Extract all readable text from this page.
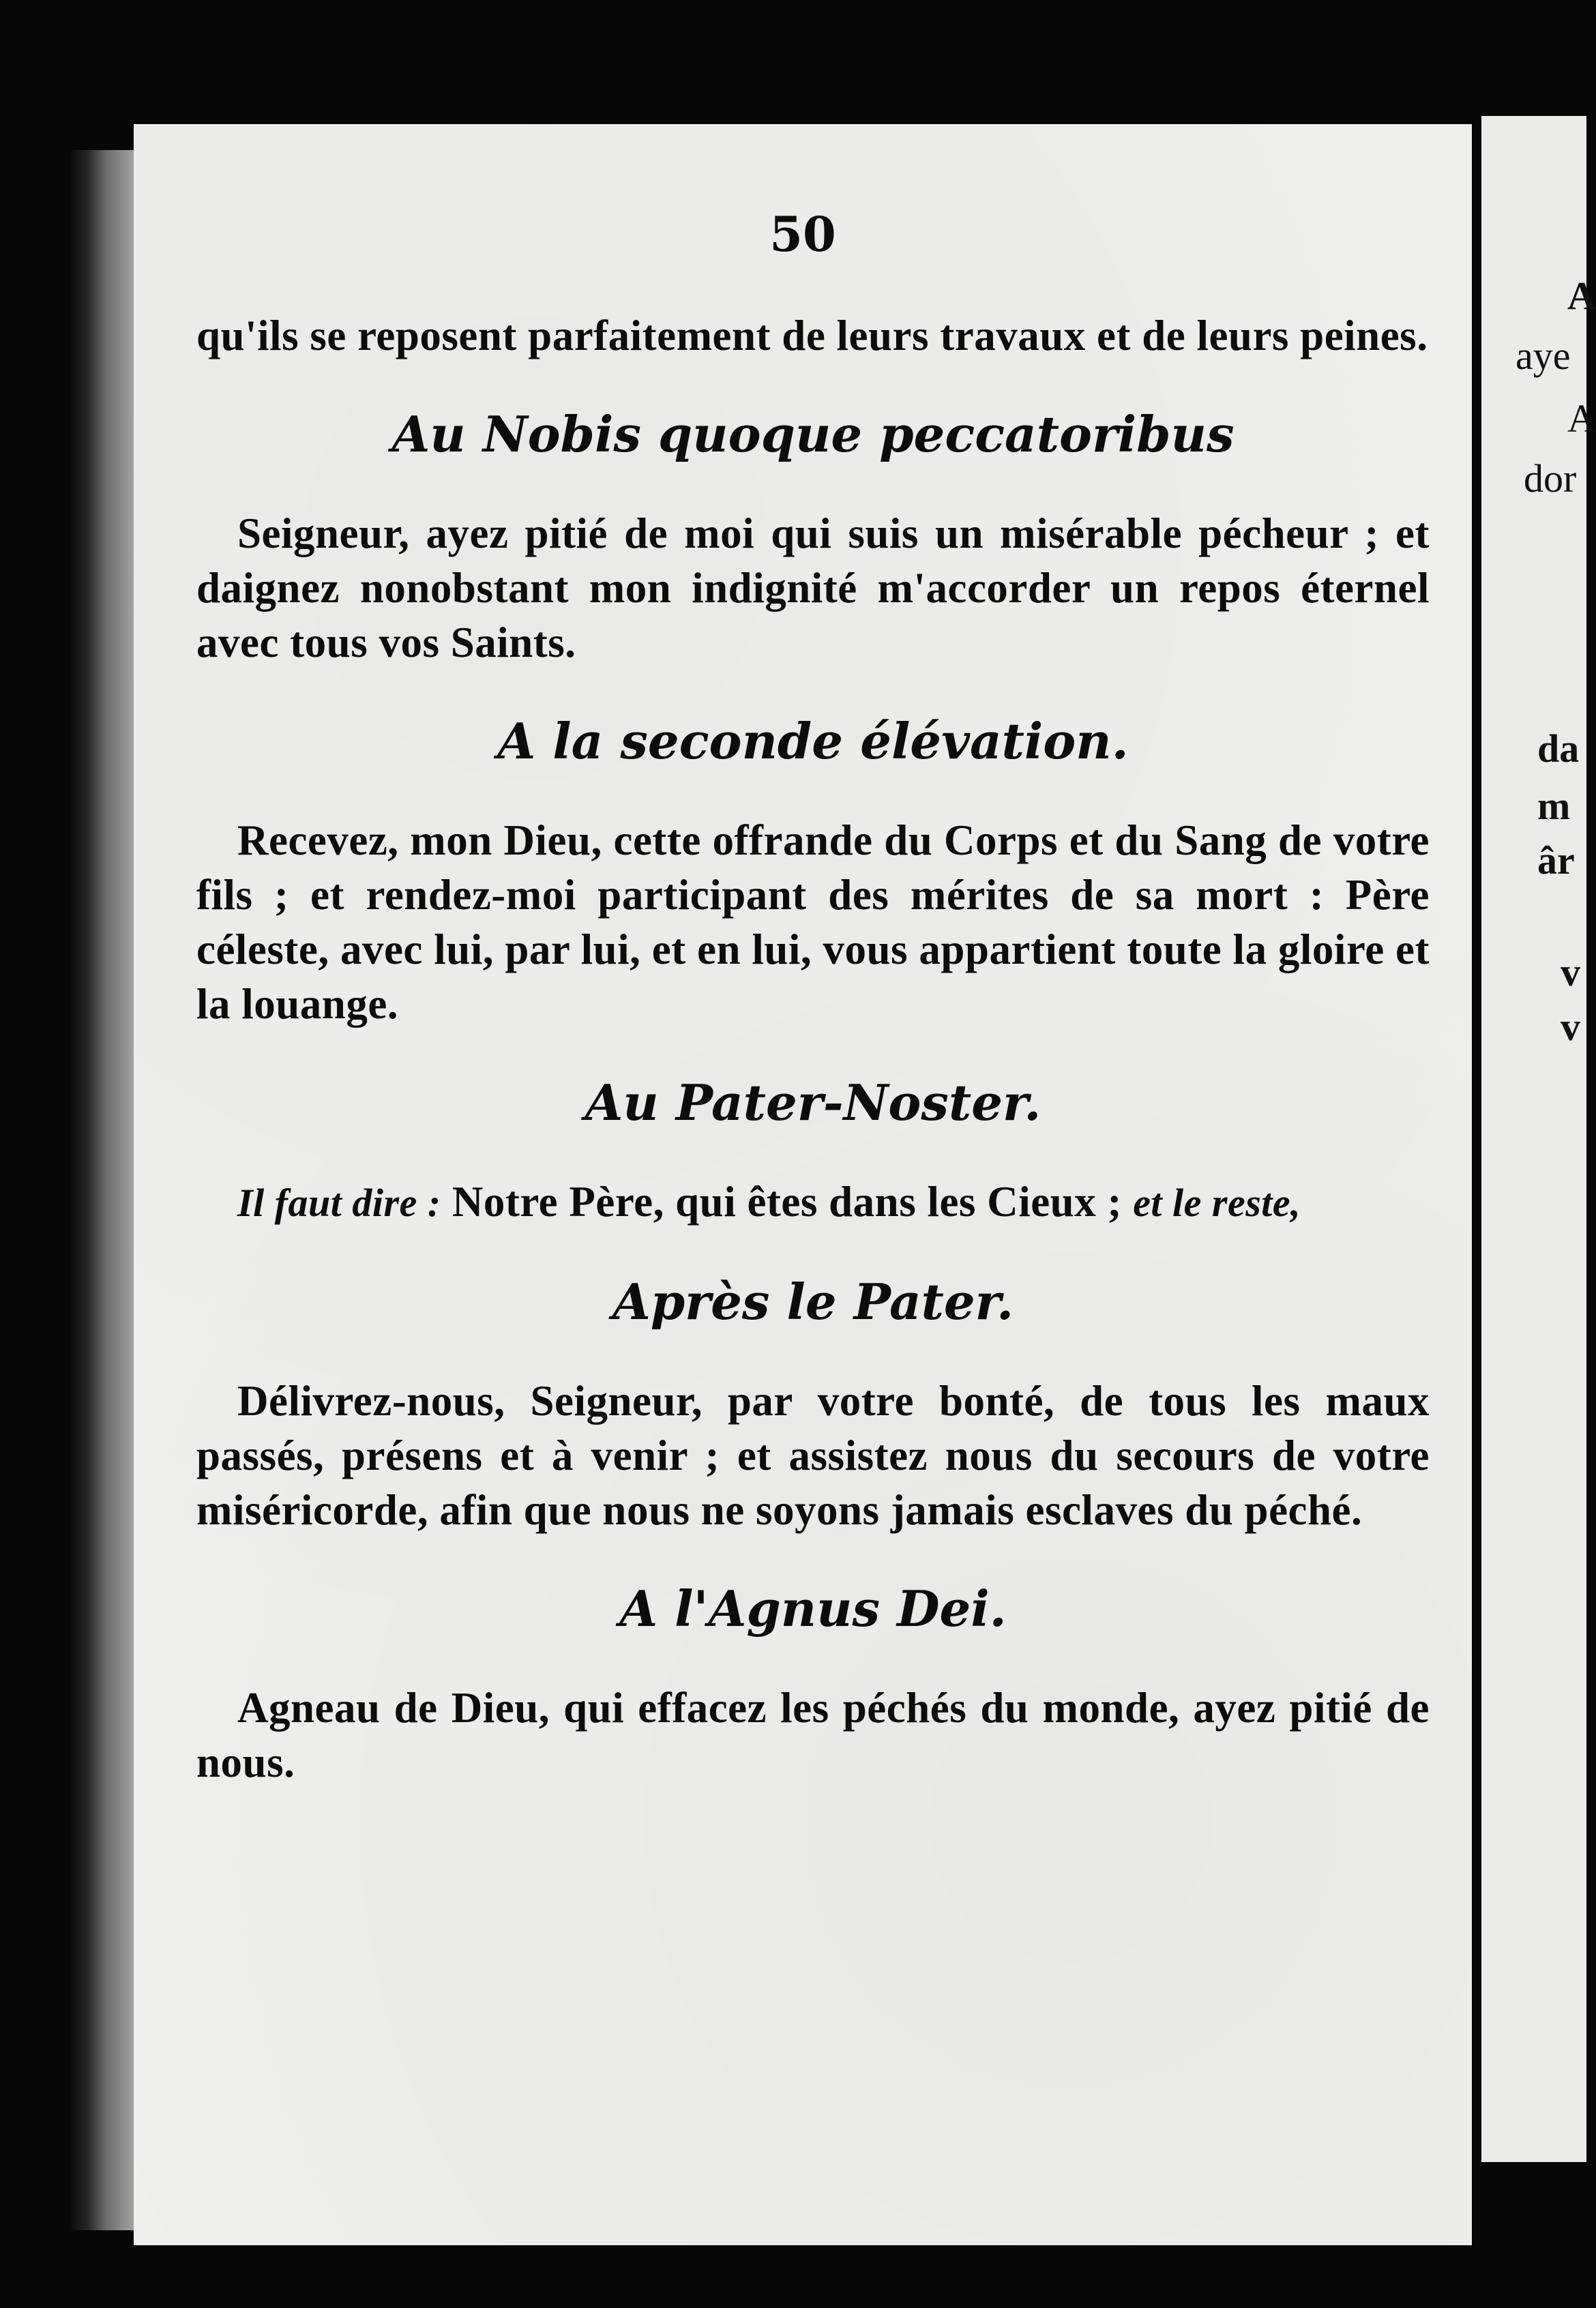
50

qu'ils se reposent parfaitement de leurs travaux et de leurs peines.

Au Nobis quoque peccatoribus

Seigneur, ayez pitié de moi qui suis un misérable pécheur ; et daignez nonobstant mon indignité m'accorder un repos éternel avec tous vos Saints.

A la seconde élévation.

Recevez, mon Dieu, cette offrande du Corps et du Sang de votre fils ; et rendez-moi participant des mérites de sa mort : Père céleste, avec lui, par lui, et en lui, vous appartient toute la gloire et la louange.

Au Pater-Noster.

Il faut dire : Notre Père, qui êtes dans les Cieux ; et le reste,

Après le Pater.

Délivrez-nous, Seigneur, par votre bonté, de tous les maux passés, présens et à venir ; et assistez nous du secours de votre miséricorde, afin que nous ne soyons jamais esclaves du péché.

A l'Agnus Dei.

Agneau de Dieu, qui effacez les péchés du monde, ayez pitié de nous.

A
aye
A
dor
da
m
âr
v
v
